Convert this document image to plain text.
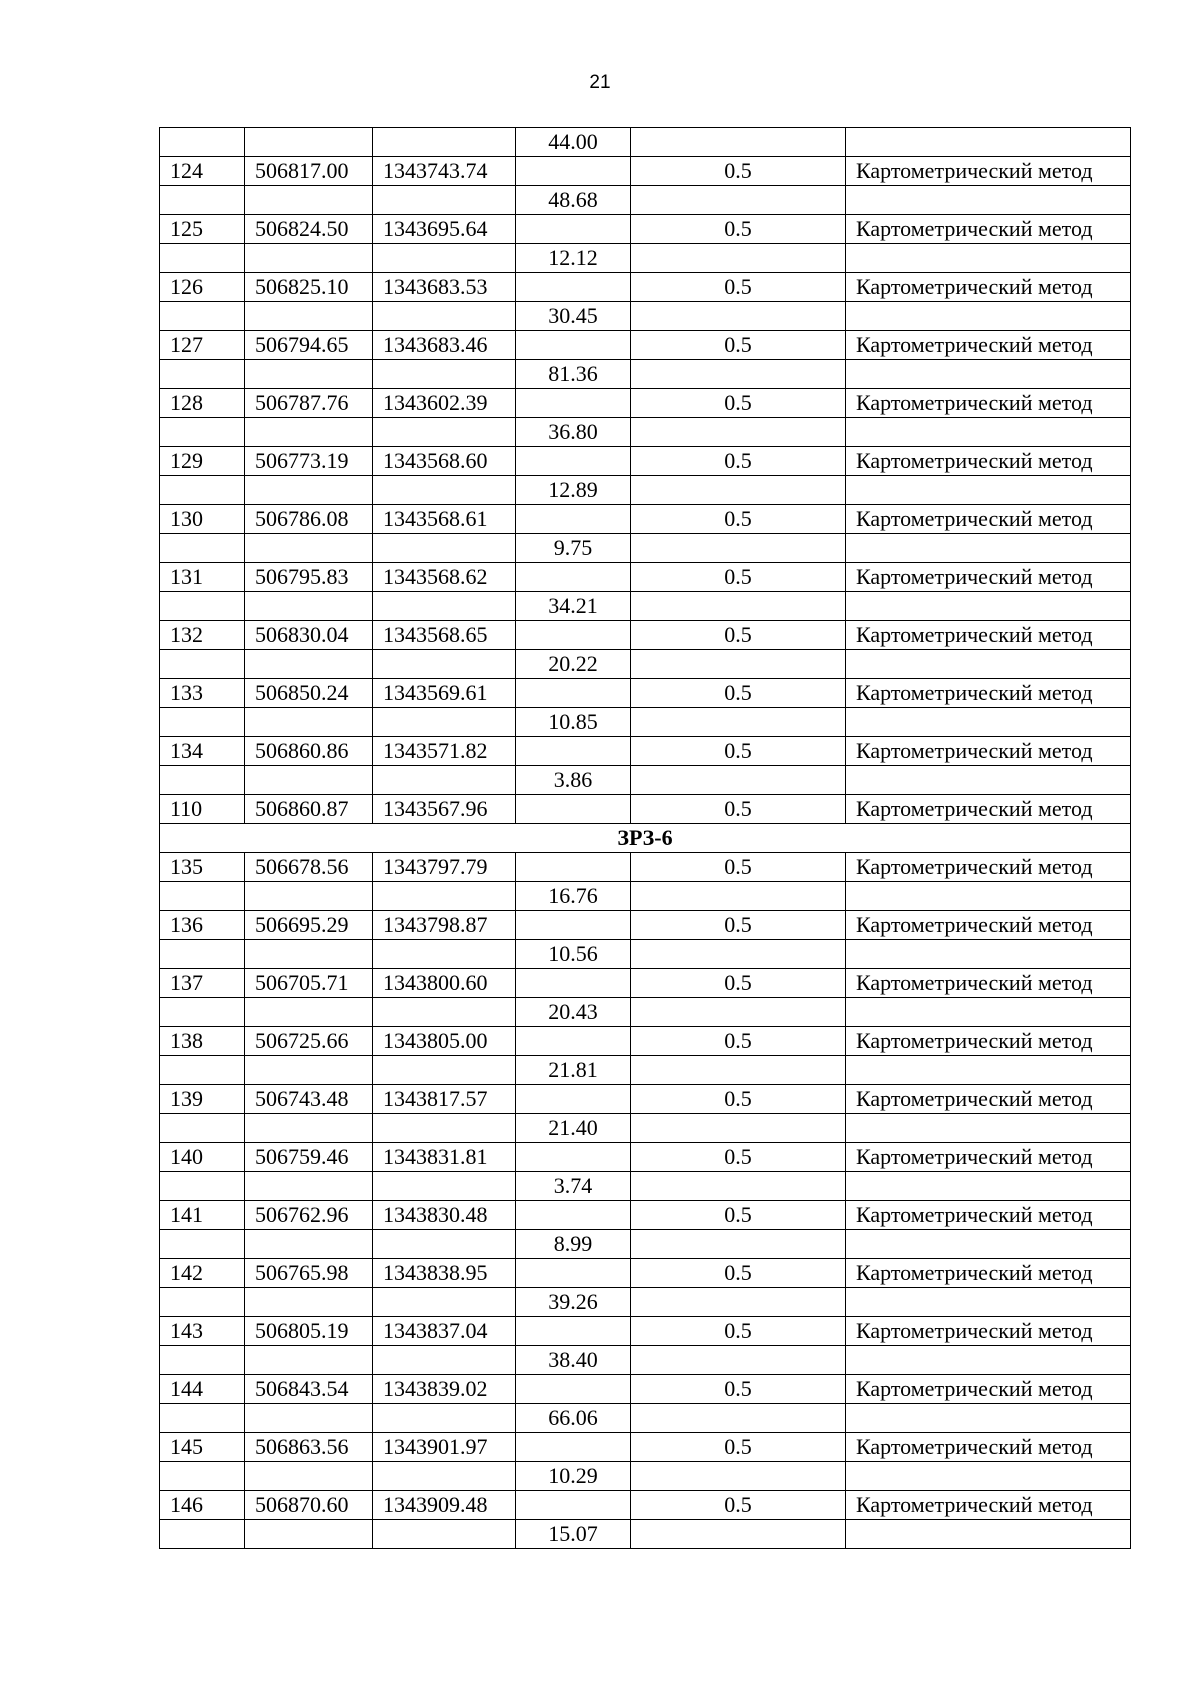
21
			44.00		
124	506817.00	1343743.74		0.5	Картометрический метод
			48.68		
125	506824.50	1343695.64		0.5	Картометрический метод
			12.12		
126	506825.10	1343683.53		0.5	Картометрический метод
			30.45		
127	506794.65	1343683.46		0.5	Картометрический метод
			81.36		
128	506787.76	1343602.39		0.5	Картометрический метод
			36.80		
129	506773.19	1343568.60		0.5	Картометрический метод
			12.89		
130	506786.08	1343568.61		0.5	Картометрический метод
			9.75		
131	506795.83	1343568.62		0.5	Картометрический метод
			34.21		
132	506830.04	1343568.65		0.5	Картометрический метод
			20.22		
133	506850.24	1343569.61		0.5	Картометрический метод
			10.85		
134	506860.86	1343571.82		0.5	Картометрический метод
			3.86		
110	506860.87	1343567.96		0.5	Картометрический метод
ЗРЗ-6					
135	506678.56	1343797.79		0.5	Картометрический метод
			16.76		
136	506695.29	1343798.87		0.5	Картометрический метод
			10.56		
137	506705.71	1343800.60		0.5	Картометрический метод
			20.43		
138	506725.66	1343805.00		0.5	Картометрический метод
			21.81		
139	506743.48	1343817.57		0.5	Картометрический метод
			21.40		
140	506759.46	1343831.81		0.5	Картометрический метод
			3.74		
141	506762.96	1343830.48		0.5	Картометрический метод
			8.99		
142	506765.98	1343838.95		0.5	Картометрический метод
			39.26		
143	506805.19	1343837.04		0.5	Картометрический метод
			38.40		
144	506843.54	1343839.02		0.5	Картометрический метод
			66.06		
145	506863.56	1343901.97		0.5	Картометрический метод
			10.29		
146	506870.60	1343909.48		0.5	Картометрический метод
			15.07		
